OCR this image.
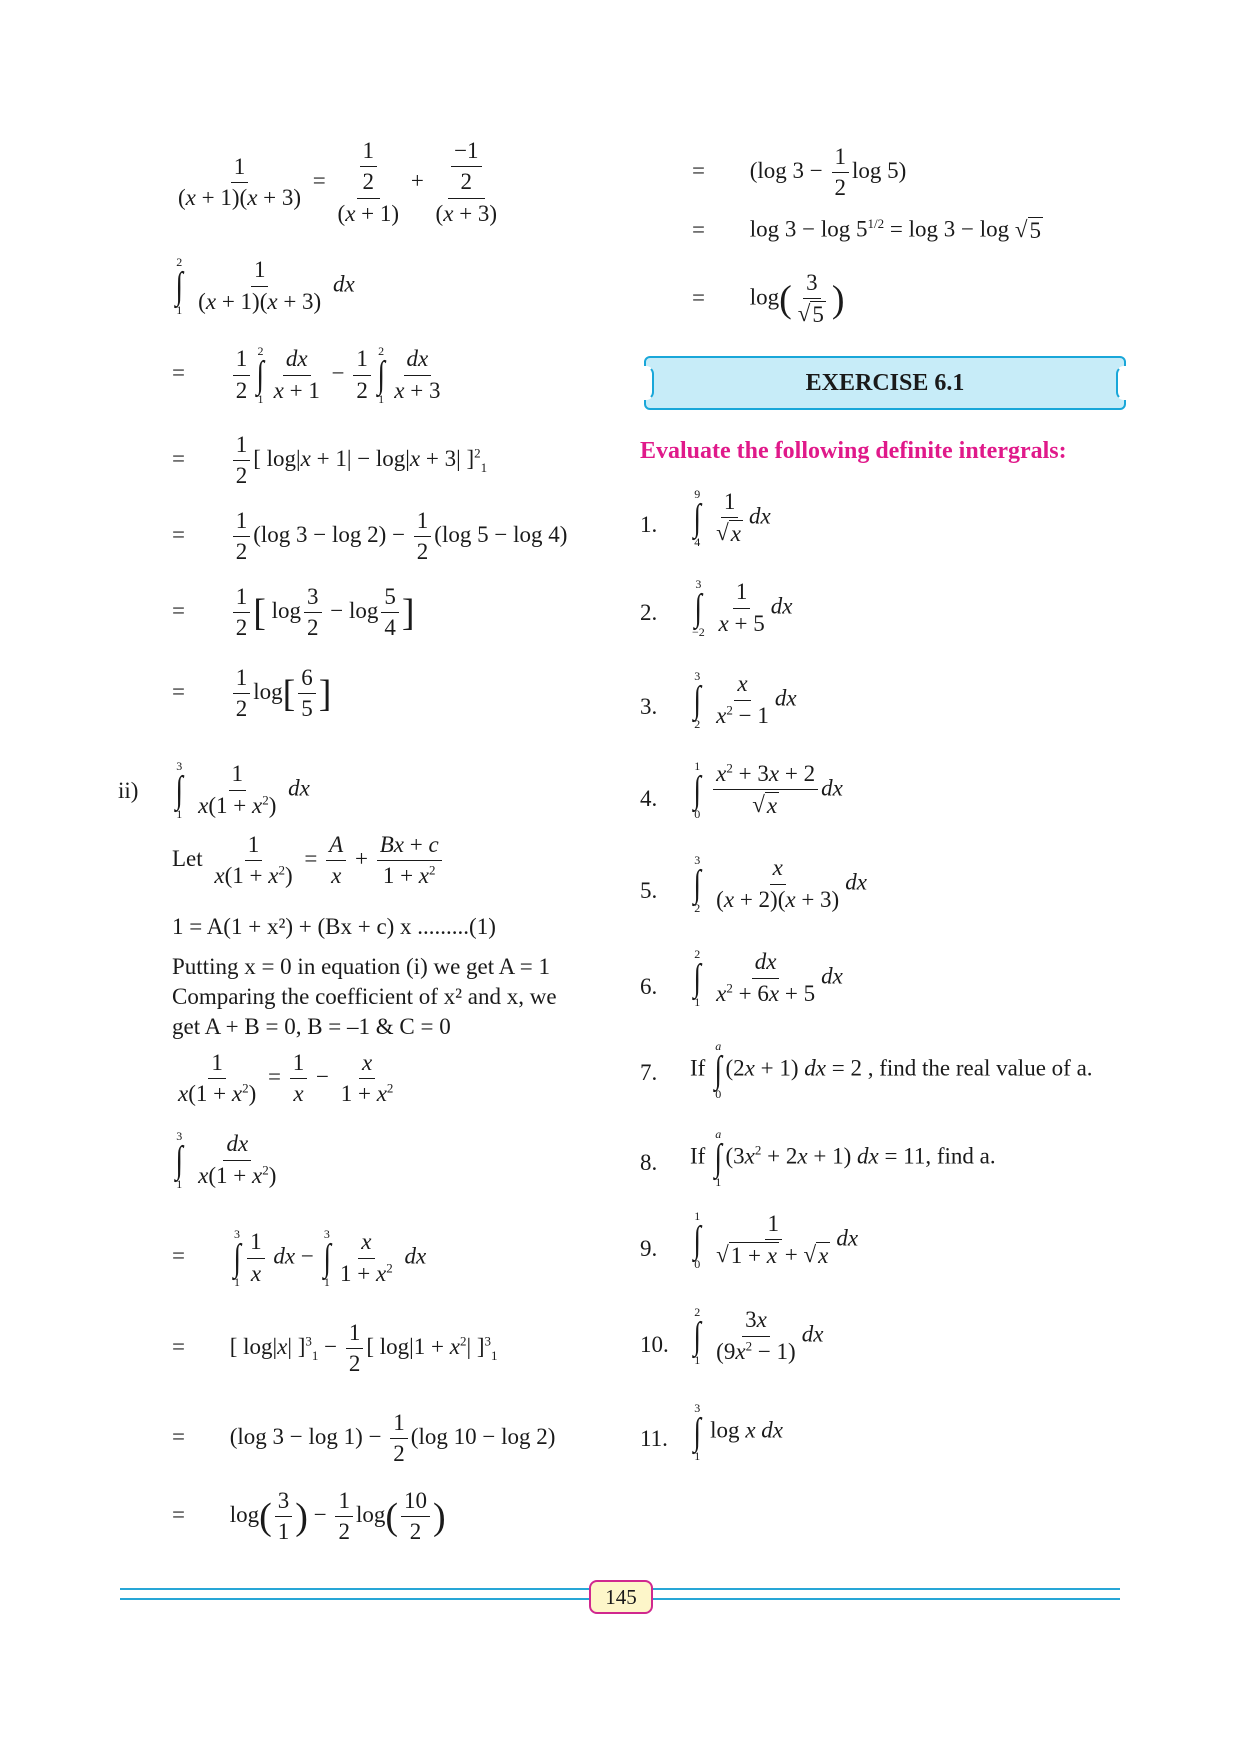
$\frac{1}{(x + 1)(x + 3)} = \frac{\frac{1}{2}}{(x + 1)} + \frac{\frac{-1}{2}}{(x + 3)}$
2
∫
1
$\frac{1}{(x + 1)(x + 3)}$ dx
= $\frac{1}{2} 2$
∫
$1 \frac{dx}{x + 1} - \frac{1}{2} 2$
∫
$1 \frac{dx}{x + 3}$
= $\frac{1}{2}$ [ log|x + 1| − log|x + 3| ]$^2_1$
= $\frac{1}{2} (\log$ $3 - \log 2) - \frac{1}{2} (\log$ 5 − log 4)
= $\frac{1}{2}$ [ $\log \frac{3}{2} - \log \frac{5}{4}$ ]
= $\frac{1}{2} \log[ \frac{6}{5}$ ]
ii)
3
∫
1
$\frac{1}{x(1 + x^2)}$ dx
Let $\frac{1}{x(1 + x^2)} = \frac{A}{x} + \frac{Bx + c}{1 + x^2}$
1 = A(1 + x²) + (Bx + c) x .........(1)
Putting x = 0 in equation (i) we get A = 1
Comparing the coefficient of x² and x, we
get A + B = 0, B = –1 & C = 0
$\frac{1}{x(1 + x^2)} = \frac{1}{x} - \frac{x}{1 + x^2}$
3
∫
1
$\frac{dx}{x(1 + x^2)}$
=
3
∫
$1 \frac{1}{x}$ dx −
3
∫
$1 \frac{x}{1 + x^2}$ dx
= [ log|x| ]$^3_1 - \frac{1}{2}$ [ $\log|1 + x^2|$ ]$^3_1$
= (log $3 - \log 1) - \frac{1}{2} (\log$ 10 − log 2)
= $\log( \frac{3}{1}$ ) − $\frac{1}{2} \log( \frac{10}{2}$ )
= (log $3 - \frac{1}{2}$ log 5)
= $\log 3 - \log 5^{1/2} = \log 3 - \log$ √ 5
= $\log( \frac{3}{√ 5}$ )
EXERCISE 6.1
Evaluate the following definite intergrals:
1.
9
∫
4
$\frac{1}{√ x}$ dx
2.
3
∫
−2
$\frac{1}{x + 5}$ dx
3.
3
∫
2
$\frac{x}{x^2 - 1}$ dx
4.
1
∫
0
$\frac{x^2 + 3x + 2}{√ x}$ dx
5.
3
∫
2
$\frac{x}{(x + 2)(x + 3)}$ dx
6.
2
∫
1
$\frac{dx}{x^2 + 6x + 5}$ dx
7. If
a
∫
0
(2x + 1) dx = 2 , find the real value of a.
8. If
a
∫
1
$(3x^2 + 2x + 1)$ dx = 11, find a.
9.
1
∫
0
$\frac{1}{√ 1 + x + √ x}$ dx
10.
2
∫
1
$\frac{3x}{(9x^2 - 1)}$ dx
11.
3
∫
1
log x dx
145
